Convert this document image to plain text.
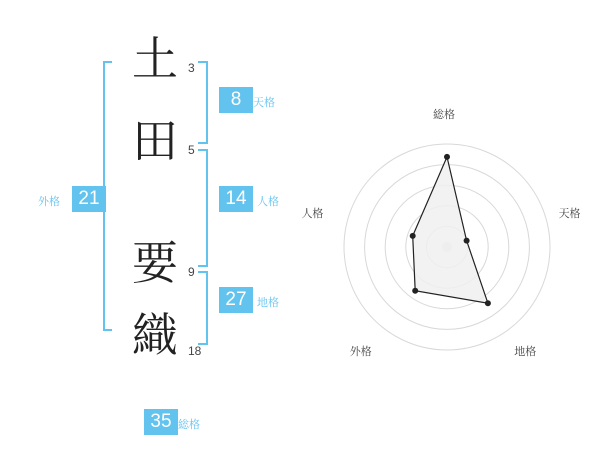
土
田
要
織
3
5
9
18
8	天格
14 人格
27 地格
21
外格
35 総格
総格
天格
地格
外格
人格
